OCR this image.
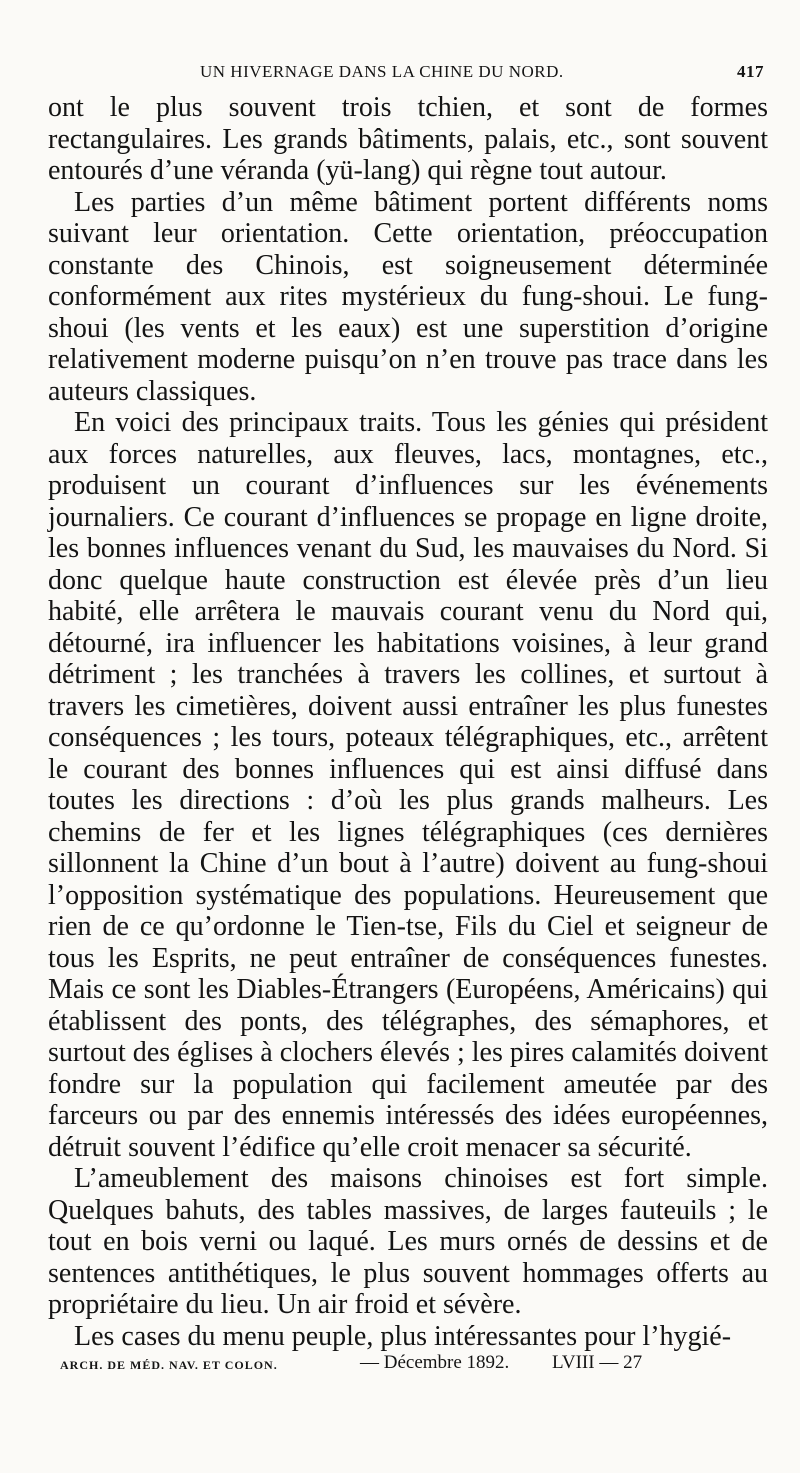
UN HIVERNAGE DANS LA CHINE DU NORD.	417

ont le plus souvent trois tchien, et sont de formes rectangulaires. Les grands bâtiments, palais, etc., sont souvent entourés d’une véranda (yü-lang) qui règne tout autour.

Les parties d’un même bâtiment portent différents noms suivant leur orientation. Cette orientation, préoccupation constante des Chinois, est soigneusement déterminée conformément aux rites mystérieux du fung-shoui. Le fung-shoui (les vents et les eaux) est une superstition d’origine relativement moderne puisqu’on n’en trouve pas trace dans les auteurs classiques.

En voici des principaux traits. Tous les génies qui président aux forces naturelles, aux fleuves, lacs, montagnes, etc., produisent un courant d’influences sur les événements journaliers. Ce courant d’influences se propage en ligne droite, les bonnes influences venant du Sud, les mauvaises du Nord. Si donc quelque haute construction est élevée près d’un lieu habité, elle arrêtera le mauvais courant venu du Nord qui, détourné, ira influencer les habitations voisines, à leur grand détriment ; les tranchées à travers les collines, et surtout à travers les cimetières, doivent aussi entraîner les plus funestes conséquences ; les tours, poteaux télégraphiques, etc., arrêtent le courant des bonnes influences qui est ainsi diffusé dans toutes les directions : d’où les plus grands malheurs. Les chemins de fer et les lignes télégraphiques (ces dernières sillonnent la Chine d’un bout à l’autre) doivent au fung-shoui l’opposition systématique des populations. Heureusement que rien de ce qu’ordonne le Tien-tse, Fils du Ciel et seigneur de tous les Esprits, ne peut entraîner de conséquences funestes. Mais ce sont les Diables-Étrangers (Européens, Américains) qui établissent des ponts, des télégraphes, des sémaphores, et surtout des églises à clochers élevés ; les pires calamités doivent fondre sur la population qui facilement ameutée par des farceurs ou par des ennemis intéressés des idées européennes, détruit souvent l’édifice qu’elle croit menacer sa sécurité.

L’ameublement des maisons chinoises est fort simple. Quelques bahuts, des tables massives, de larges fauteuils ; le tout en bois verni ou laqué. Les murs ornés de dessins et de sentences antithétiques, le plus souvent hommages offerts au propriétaire du lieu. Un air froid et sévère.

Les cases du menu peuple, plus intéressantes pour l’hygié-

ARCH. DE MÉD. NAV. ET COLON.	— Décembre 1892. LVIII — 27
